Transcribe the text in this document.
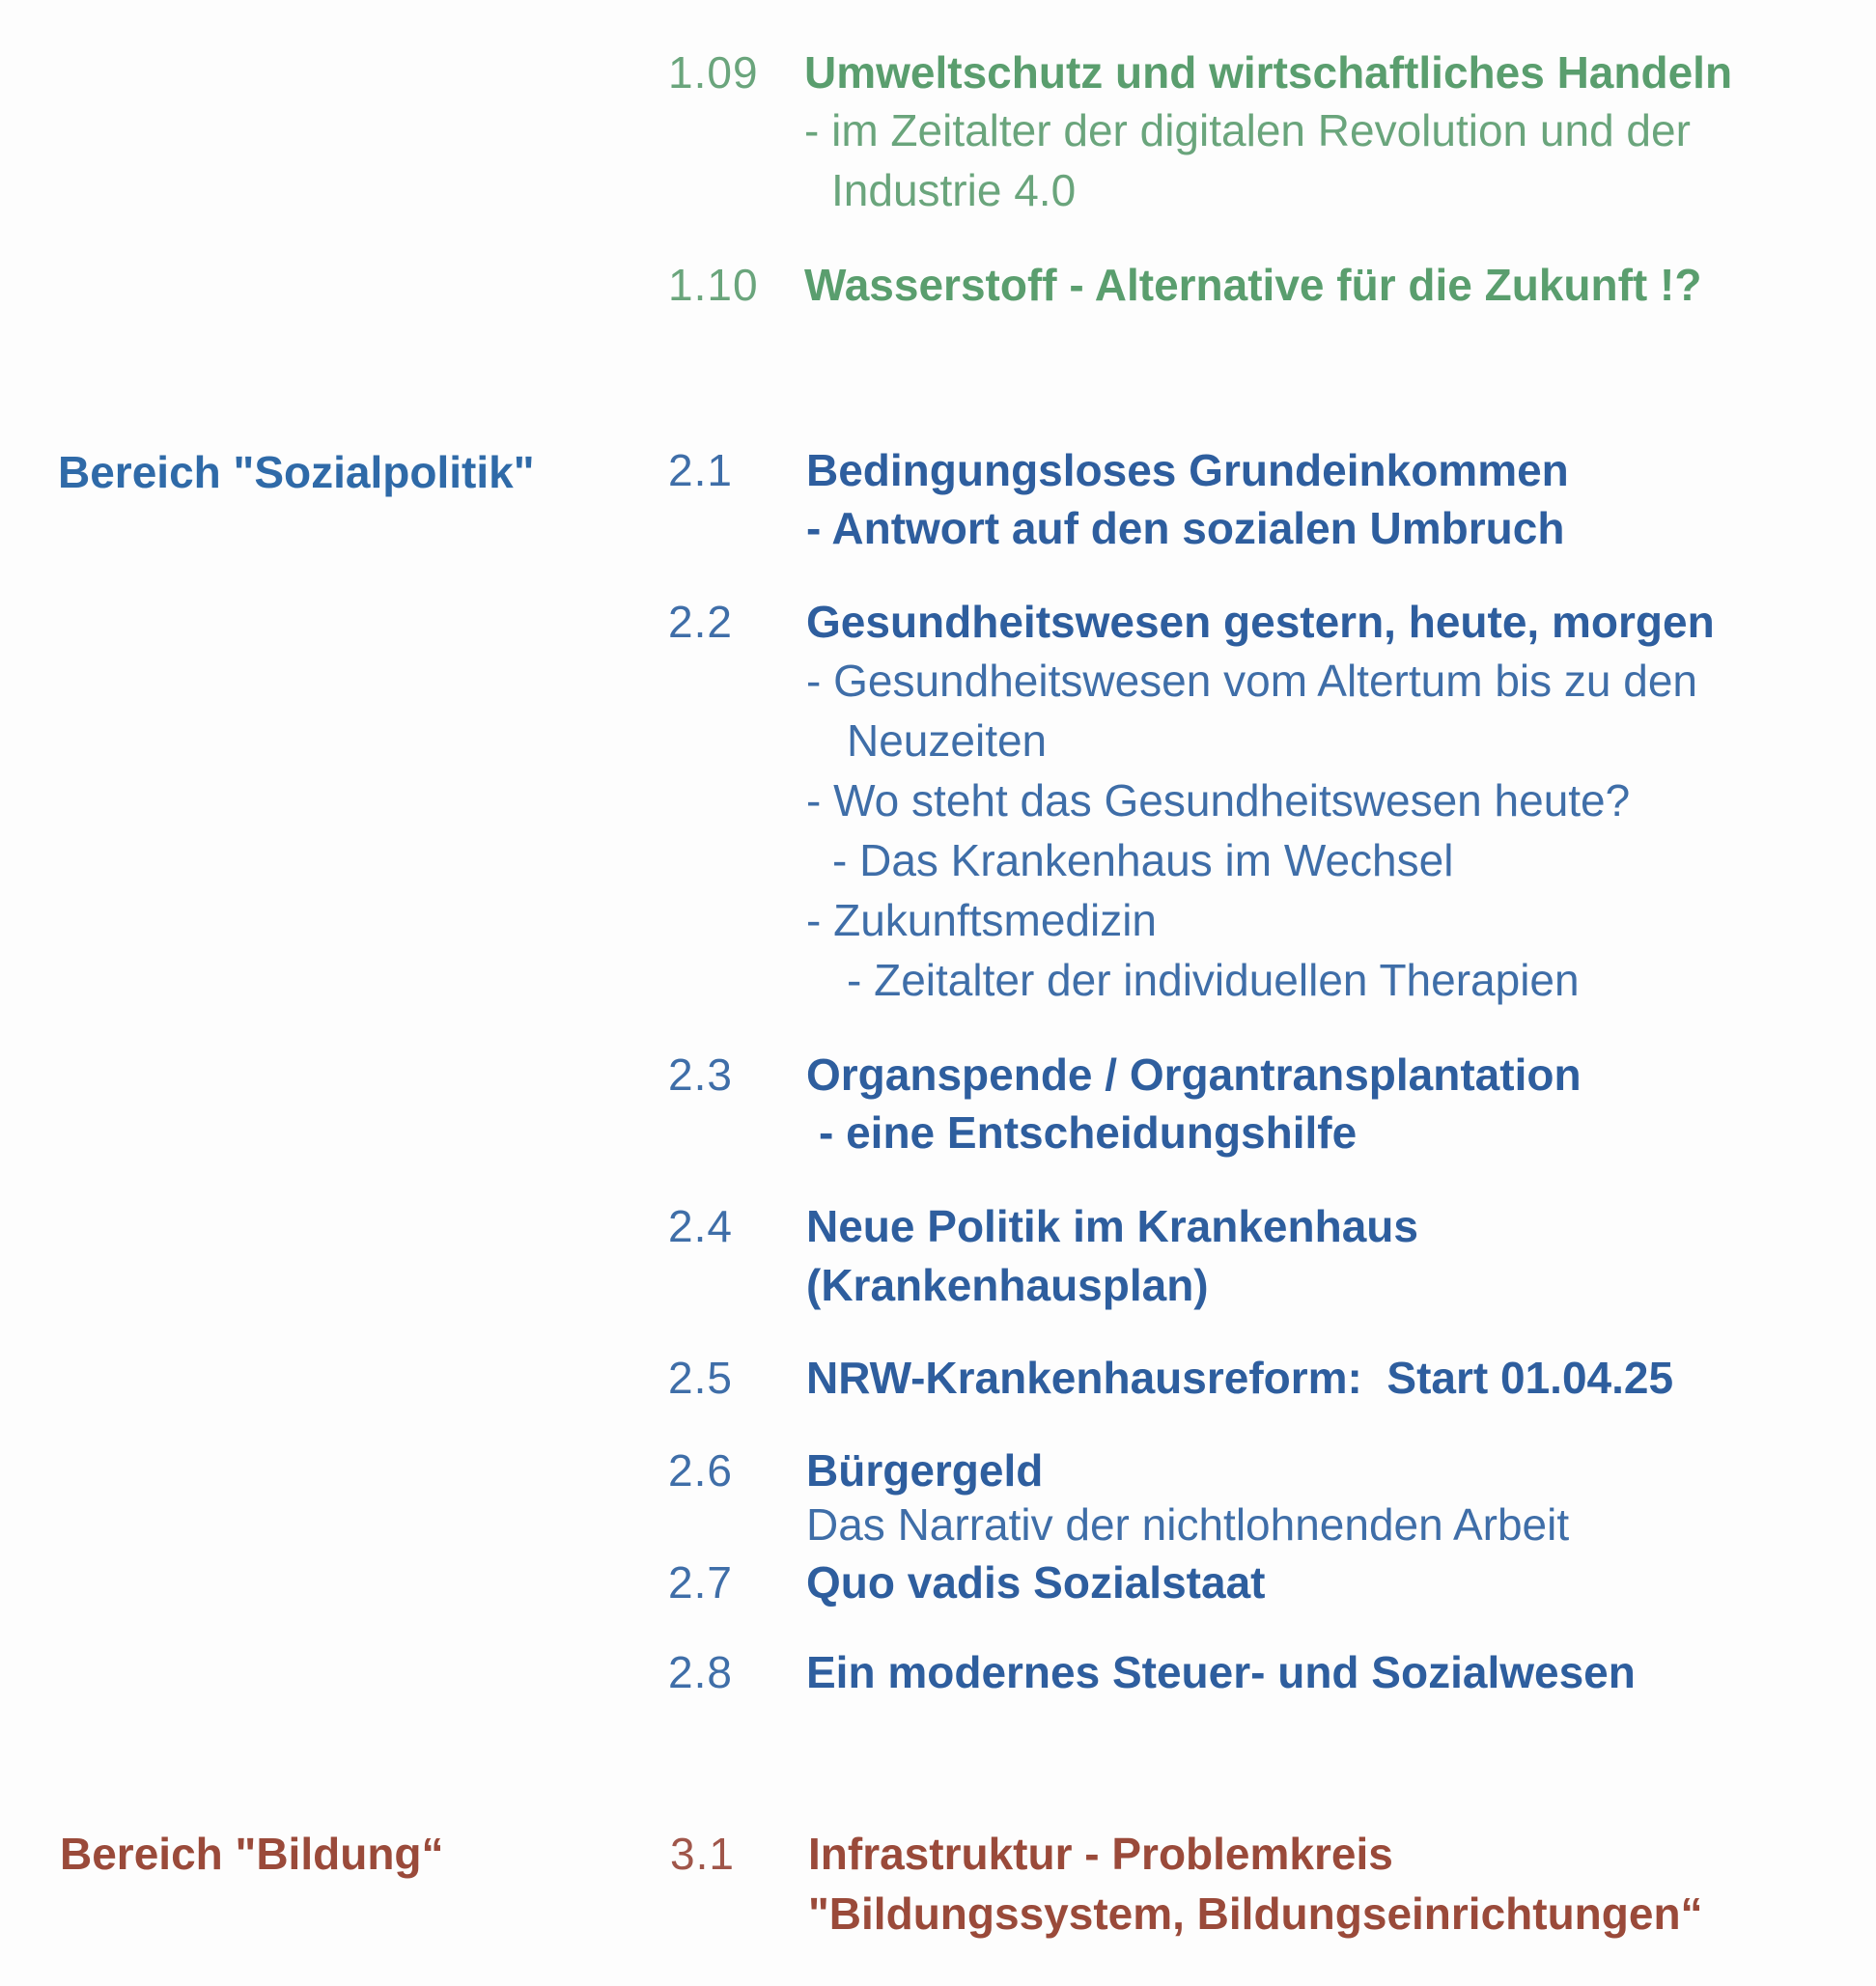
1.09 Umweltschutz und wirtschaftliches Handeln
- im Zeitalter der digitalen Revolution und der
Industrie 4.0
1.10 Wasserstoff - Alternative für die Zukunft !?
Bereich "Sozialpolitik"	2.1 Bedingungsloses Grundeinkommen
- Antwort auf den sozialen Umbruch
2.2 Gesundheitswesen gestern, heute, morgen
- Gesundheitswesen vom Altertum bis zu den
Neuzeiten
- Wo steht das Gesundheitswesen heute?
- Das Krankenhaus im Wechsel
- Zukunftsmedizin
- Zeitalter der individuellen Therapien
2.3 Organspende / Organtransplantation
- eine Entscheidungshilfe
2.4 Neue Politik im Krankenhaus
(Krankenhausplan)
2.5 NRW-Krankenhausreform:  Start 01.04.25
2.6 Bürgergeld
Das Narrativ der nichtlohnenden Arbeit
2.7 Quo vadis Sozialstaat
2.8 Ein modernes Steuer- und Sozialwesen
Bereich "Bildung“	3.1 Infrastruktur - Problemkreis
"Bildungssystem, Bildungseinrichtungen“
